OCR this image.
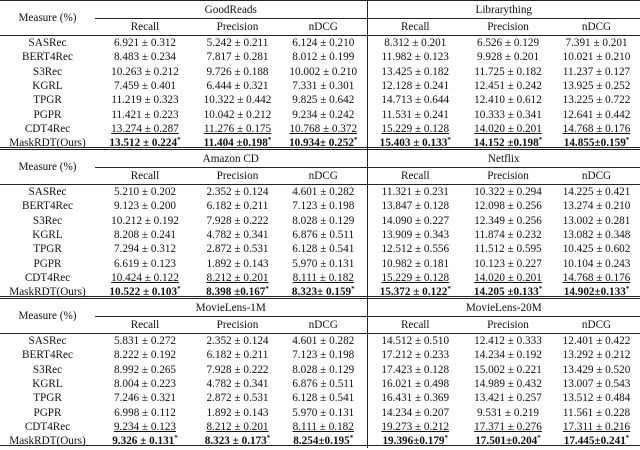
Measure (%)	GoodReads			Librarything		
	Recall	Precision	nDCG	Recall	Precision	nDCG
SASRec	6.921 ± 0.312	5.242 ± 0.211	6.124 ± 0.210	8.312 ± 0.201	6.526 ± 0.129	7.391 ± 0.201
BERT4Rec	8.483 ± 0.234	7.817 ± 0.281	8.012 ± 0.199	11.982 ± 0.123	9.928 ± 0.201	10.021 ± 0.210
S3Rec	10.263 ± 0.212	9.726 ± 0.188	10.002 ± 0.210	13.425 ± 0.182	11.725 ± 0.182	11.237 ± 0.127
KGRL	7.459 ± 0.401	6.444 ± 0.321	7.331 ± 0.301	12.128 ± 0.241	12.451 ± 0.242	13.925 ± 0.252
TPGR	11.219 ± 0.323	10.322 ± 0.442	9.825 ± 0.642	14.713 ± 0.644	12.410 ± 0.612	13.225 ± 0.722
PGPR	11.421 ± 0.223	10.042 ± 0.212	9.234 ± 0.242	11.531 ± 0.241	10.333 ± 0.341	12.641 ± 0.442
CDT4Rec	13.274 ± 0.287	11.276 ± 0.175	10.768 ± 0.372	15.229 ± 0.128	14.020 ± 0.201	14.768 ± 0.176
MaskRDT(Ours)	13.512 ± 0.224*	11.404 ±0.198*	10.934± 0.252*	15.403 ± 0.133*	14.152 ±0.198*	14.855±0.159*
Measure (%)	Amazon CD			Netflix		
	Recall	Precision	nDCG	Recall	Precision	nDCG
SASRec	5.210 ± 0.202	2.352 ± 0.124	4.601 ± 0.282	11.321 ± 0.231	10.322 ± 0.294	14.225 ± 0.421
BERT4Rec	9.123 ± 0.200	6.182 ± 0.211	7.123 ± 0.198	13.847 ± 0.128	12.098 ± 0.256	13.274 ± 0.210
S3Rec	10.212 ± 0.192	7.928 ± 0.222	8.028 ± 0.129	14.090 ± 0.227	12.349 ± 0.256	13.002 ± 0.281
KGRL	8.208 ± 0.241	4.782 ± 0.341	6.876 ± 0.511	13.909 ± 0.343	11.874 ± 0.232	13.082 ± 0.348
TPGR	7.294 ± 0.312	2.872 ± 0.531	6.128 ± 0.541	12.512 ± 0.556	11.512 ± 0.595	10.425 ± 0.602
PGPR	6.619 ± 0.123	1.892 ± 0.143	5.970 ± 0.131	10.982 ± 0.181	10.123 ± 0.227	10.104 ± 0.243
CDT4Rec	10.424 ± 0.122	8.212 ± 0.201	8.111 ± 0.182	15.229 ± 0.128	14.020 ± 0.201	14.768 ± 0.176
MaskRDT(Ours)	10.522 ± 0.103*	8.398 ±0.167*	8.323± 0.159*	15.372 ± 0.122*	14.205 ±0.133*	14.902±0.133*
Measure (%)	MovieLens-1M			MovieLens-20M		
	Recall	Precision	nDCG	Recall	Precision	nDCG
SASRec	5.831 ± 0.272	2.352 ± 0.124	4.601 ± 0.282	14.512 ± 0.510	12.412 ± 0.333	12.401 ± 0.422
BERT4Rec	8.222 ± 0.192	6.182 ± 0.211	7.123 ± 0.198	17.212 ± 0.233	14.234 ± 0.192	13.292 ± 0.212
S3Rec	8.992 ± 0.265	7.928 ± 0.222	8.028 ± 0.129	17.423 ± 0.128	15.002 ± 0.221	13.429 ± 0.520
KGRL	8.004 ± 0.223	4.782 ± 0.341	6.876 ± 0.511	16.021 ± 0.498	14.989 ± 0.432	13.007 ± 0.543
TPGR	7.246 ± 0.321	2.872 ± 0.531	6.128 ± 0.541	16.431 ± 0.369	13.421 ± 0.257	13.512 ± 0.484
PGPR	6.998 ± 0.112	1.892 ± 0.143	5.970 ± 0.131	14.234 ± 0.207	9.531 ± 0.219	11.561 ± 0.228
CDT4Rec	9.234 ± 0.123	8.212 ± 0.201	8.111 ± 0.182	19.273 ± 0.212	17.371 ± 0.276	17.311 ± 0.216
MaskRDT(Ours)	9.326 ± 0.131*	8.323 ± 0.173*	8.254±0.195*	19.396±0.179*	17.501±0.204*	17.445±0.241*
